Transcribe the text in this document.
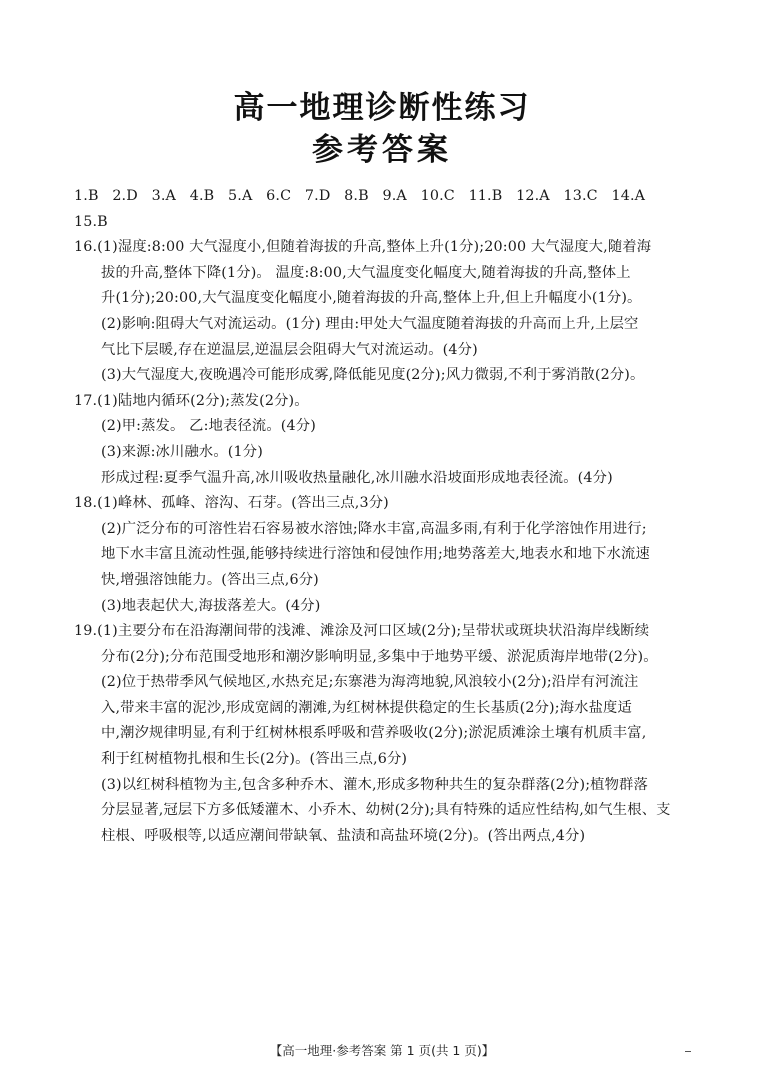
高一地理诊断性练习
参考答案
1.B 2.D 3.A 4.B 5.A 6.C 7.D 8.B 9.A 10.C 11.B 12.A 13.C 14.A
15.B
16.(1)湿度:8:00 大气湿度小,但随着海拔的升高,整体上升(1分);20:00 大气湿度大,随着海
拔的升高,整体下降(1分)。 温度:8:00,大气温度变化幅度大,随着海拔的升高,整体上
升(1分);20:00,大气温度变化幅度小,随着海拔的升高,整体上升,但上升幅度小(1分)。
(2)影响:阻碍大气对流运动。(1分) 理由:甲处大气温度随着海拔的升高而上升,上层空
气比下层暖,存在逆温层,逆温层会阻碍大气对流运动。(4分)
(3)大气湿度大,夜晚遇冷可能形成雾,降低能见度(2分);风力微弱,不利于雾消散(2分)。
17.(1)陆地内循环(2分);蒸发(2分)。
(2)甲:蒸发。 乙:地表径流。(4分)
(3)来源:冰川融水。(1分)
形成过程:夏季气温升高,冰川吸收热量融化,冰川融水沿坡面形成地表径流。(4分)
18.(1)峰林、孤峰、溶沟、石芽。(答出三点,3分)
(2)广泛分布的可溶性岩石容易被水溶蚀;降水丰富,高温多雨,有利于化学溶蚀作用进行;
地下水丰富且流动性强,能够持续进行溶蚀和侵蚀作用;地势落差大,地表水和地下水流速
快,增强溶蚀能力。(答出三点,6分)
(3)地表起伏大,海拔落差大。(4分)
19.(1)主要分布在沿海潮间带的浅滩、滩涂及河口区域(2分);呈带状或斑块状沿海岸线断续
分布(2分);分布范围受地形和潮汐影响明显,多集中于地势平缓、淤泥质海岸地带(2分)。
(2)位于热带季风气候地区,水热充足;东寨港为海湾地貌,风浪较小(2分);沿岸有河流注
入,带来丰富的泥沙,形成宽阔的潮滩,为红树林提供稳定的生长基质(2分);海水盐度适
中,潮汐规律明显,有利于红树林根系呼吸和营养吸收(2分);淤泥质滩涂土壤有机质丰富,
利于红树植物扎根和生长(2分)。(答出三点,6分)
(3)以红树科植物为主,包含多种乔木、灌木,形成多物种共生的复杂群落(2分);植物群落
分层显著,冠层下方多低矮灌木、小乔木、幼树(2分);具有特殊的适应性结构,如气生根、支
柱根、呼吸根等,以适应潮间带缺氧、盐渍和高盐环境(2分)。(答出两点,4分)
【高一地理·参考答案 第 1 页(共 1 页)】
